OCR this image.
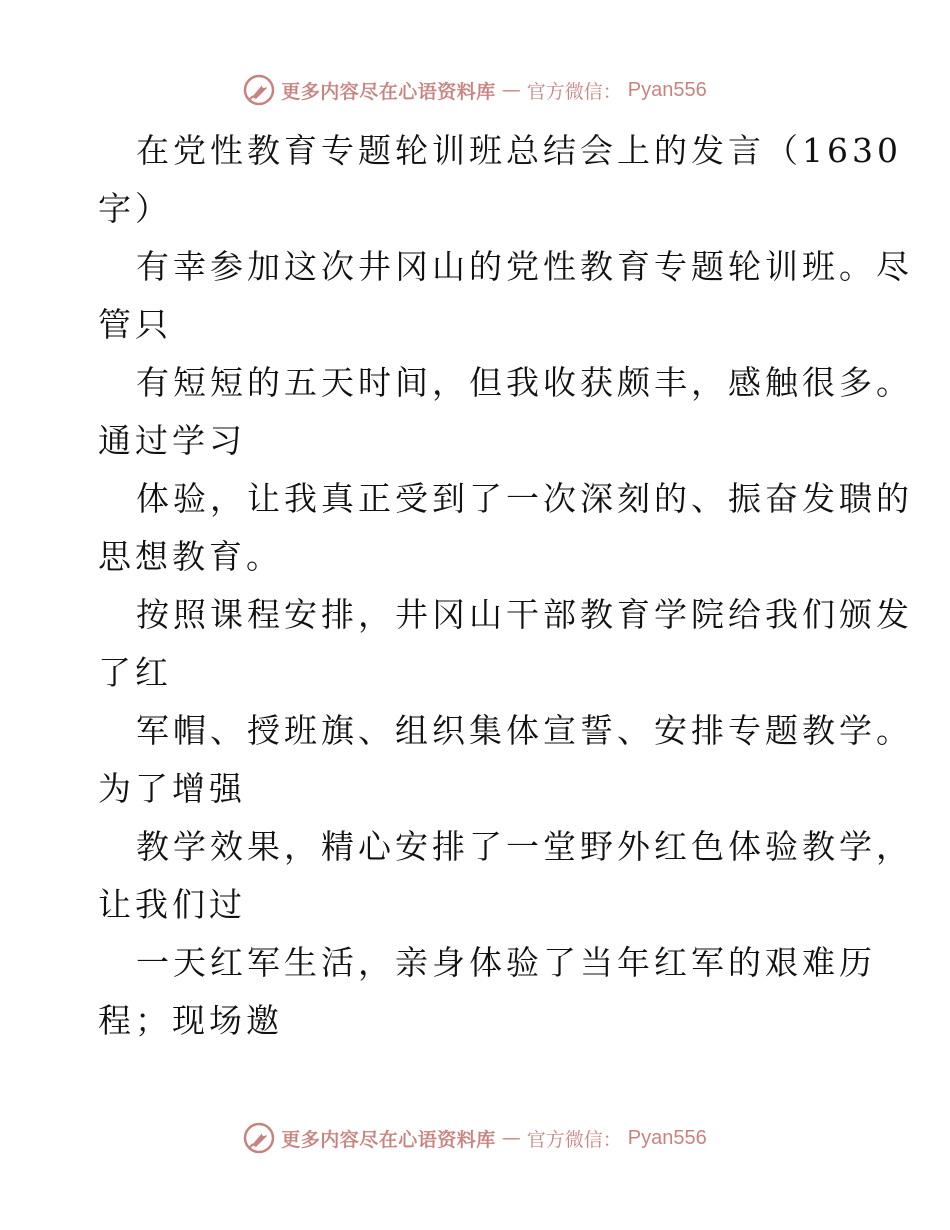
更多内容尽在心语资料库 — 官方微信： Pyan556
在党性教育专题轮训班总结会上的发言（1630
字）
有幸参加这次井冈山的党性教育专题轮训班。尽
管只
有短短的五天时间，但我收获颇丰，感触很多。
通过学习
体验，让我真正受到了一次深刻的、振奋发聩的
思想教育。
按照课程安排，井冈山干部教育学院给我们颁发
了红
军帽、授班旗、组织集体宣誓、安排专题教学。
为了增强
教学效果，精心安排了一堂野外红色体验教学，
让我们过
一天红军生活，亲身体验了当年红军的艰难历
程；现场邀
更多内容尽在心语资料库 — 官方微信： Pyan556
